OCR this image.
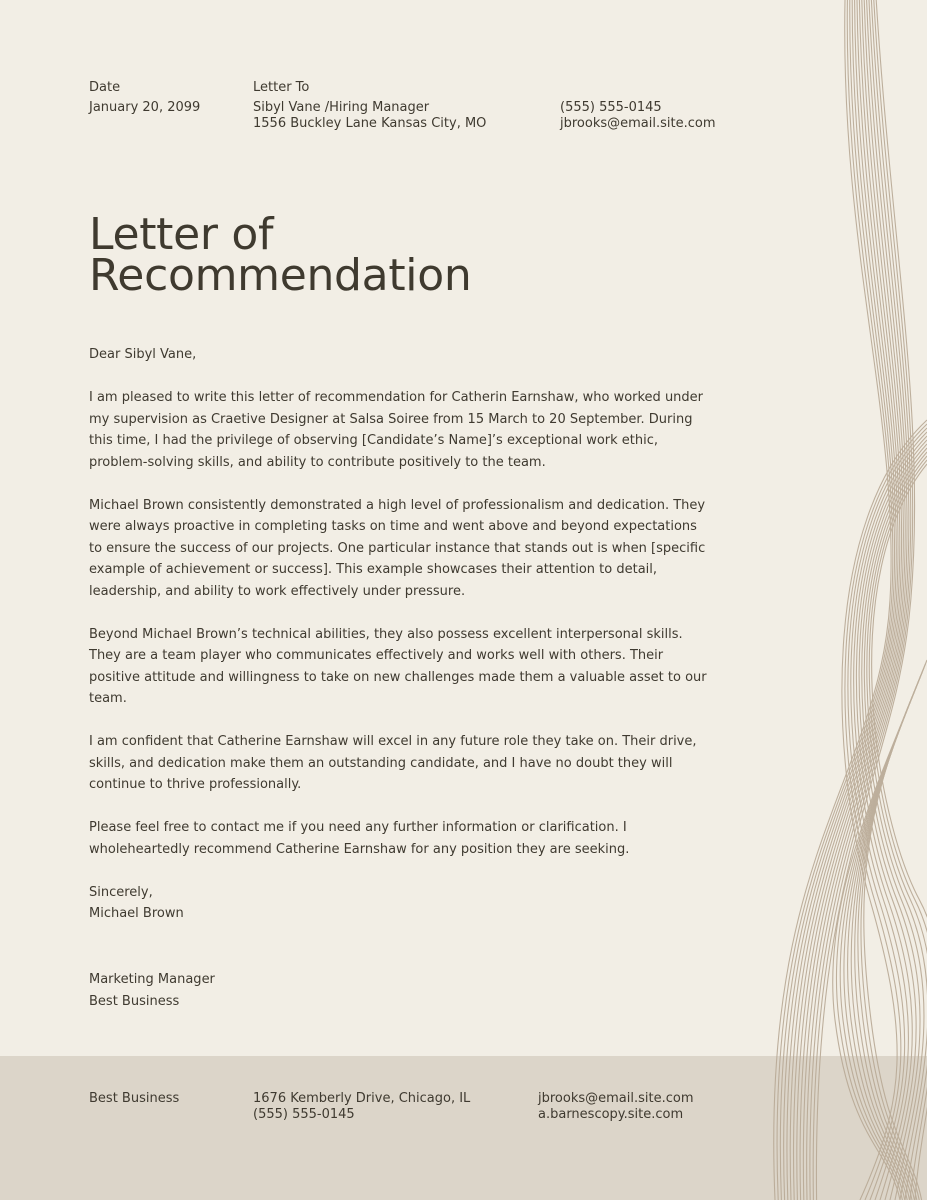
Date
January 20, 2099
Letter To
Sibyl Vane /Hiring Manager
1556 Buckley Lane Kansas City, MO
(555) 555-0145
jbrooks@email.site.com
Letter of
Recommendation

Dear Sibyl Vane,

I am pleased to write this letter of recommendation for Catherin Earnshaw, who worked under my supervision as Craetive Designer at Salsa Soiree from 15 March to 20 September. During this time, I had the privilege of observing [Candidate’s Name]’s exceptional work ethic, problem-solving skills, and ability to contribute positively to the team.

Michael Brown consistently demonstrated a high level of professionalism and dedication. They were always proactive in completing tasks on time and went above and beyond expectations to ensure the success of our projects. One particular instance that stands out is when [specific example of achievement or success]. This example showcases their attention to detail, leadership, and ability to work effectively under pressure.

Beyond Michael Brown’s technical abilities, they also possess excellent interpersonal skills. They are a team player who communicates effectively and works well with others. Their positive attitude and willingness to take on new challenges made them a valuable asset to our team.

I am confident that Catherine Earnshaw will excel in any future role they take on. Their drive, skills, and dedication make them an outstanding candidate, and I have no doubt they will continue to thrive professionally.

Please feel free to contact me if you need any further information or clarification. I wholeheartedly recommend Catherine Earnshaw for any position they are seeking.

Sincerely,

Michael Brown

Marketing Manager
Best Business
Best Business	1676 Kemberly Drive, Chicago, IL
(555) 555-0145
jbrooks@email.site.com
a.barnescopy.site.com
